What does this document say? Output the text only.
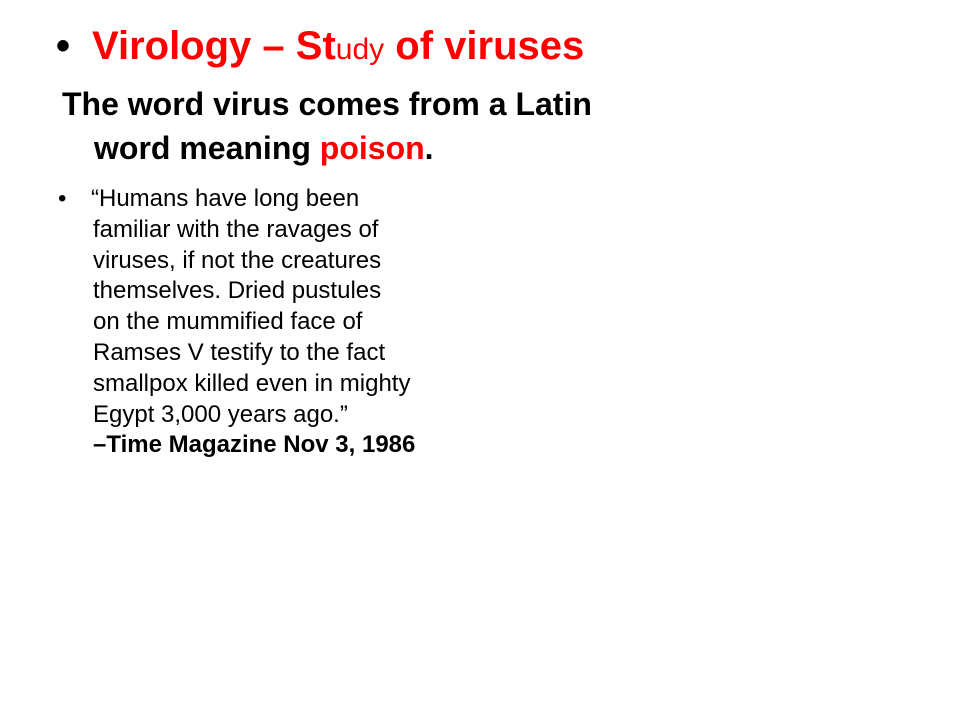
• Virology – Study of viruses
The word virus comes from a Latin
word meaning poison.
• “Humans have long been
familiar with the ravages of
viruses, if not the creatures
themselves. Dried pustules
on the mummified face of
Ramses V testify to the fact
smallpox killed even in mighty
Egypt 3,000 years ago.”
–Time Magazine Nov 3, 1986
